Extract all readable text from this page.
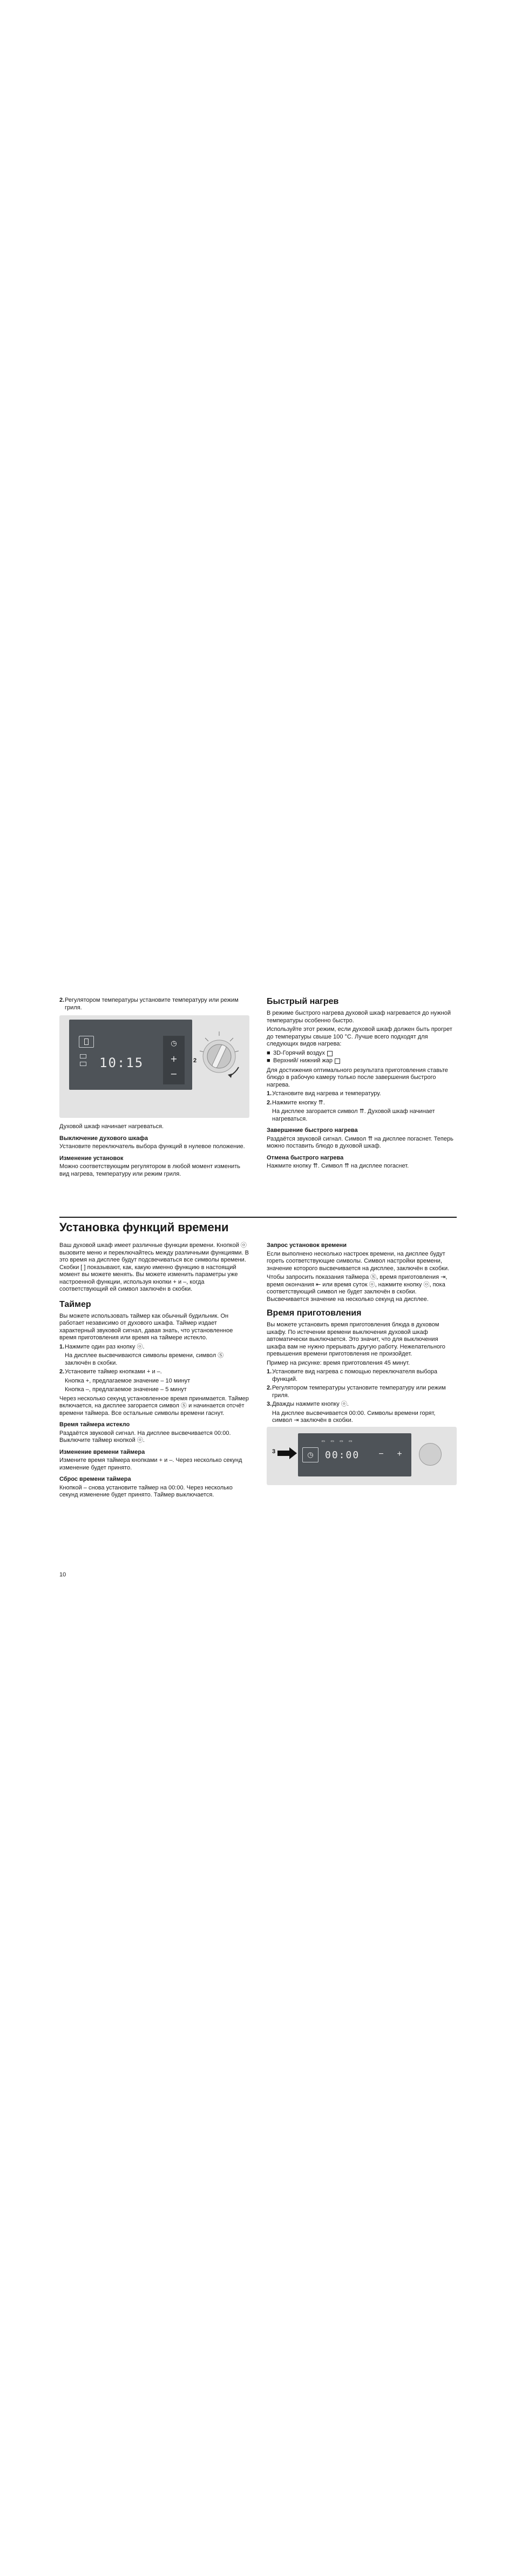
2. Регулятором температуры установите температуру или режим гриля.
10:15
◷
+
−
2

Духовой шкаф начинает нагреваться.

Выключение духового шкафа

Установите переключатель выбора функций в нулевое положение.

Изменение установок

Можно соответствующим регулятором в любой момент изменить вид нагрева, температуру или режим гриля.

Быстрый нагрев

В режиме быстрого нагрева духовой шкаф нагревается до нужной температуры особенно быстро.

Используйте этот режим, если духовой шкаф должен быть прогрет до температуры свыше 100 °C. Лучше всего подходят для следующих видов нагрева:

■ 3D-Горячий воздух
■ Верхний/ нижний жар

Для достижения оптимального результата приготовления ставьте блюдо в рабочую камеру только после завершения быстрого нагрева.

1. Установите вид нагрева и температуру.
2. Нажмите кнопку ⇈.

На дисплее загорается символ ⇈. Духовой шкаф начинает нагреваться.

Завершение быстрого нагрева

Раздаётся звуковой сигнал. Символ ⇈ на дисплее погаснет. Теперь можно поставить блюдо в духовой шкаф.

Отмена быстрого нагрева

Нажмите кнопку ⇈. Символ ⇈ на дисплее погаснет.

Установка функций времени

Ваш духовой шкаф имеет различные функции времени. Кнопкой ⓞ вызовите меню и переключайтесь между различными функциями. В это время на дисплее будут подсвечиваться все символы времени. Скобки [ ] показывают, как, какую именно функцию в настоящий момент вы можете менять. Вы можете изменить параметры уже настроенной функции, используя кнопки + и –, когда соответствующий ей символ заключён в скобки.

Таймер

Вы можете использовать таймер как обычный будильник. Он работает независимо от духового шкафа. Таймер издает характерный звуковой сигнал, давая знать, что установленное время приготовления или время на таймере истекло.

1. Нажмите один раз кнопку ⓞ.

На дисплее высвечиваются символы времени, символ Ⓢ заключён в скобки.

2. Установите таймер кнопками + и –.

Кнопка +, предлагаемое значение – 10 минут

Кнопка –, предлагаемое значение – 5 минут

Через несколько секунд установленное время принимается. Таймер включается, на дисплее загорается символ Ⓢ и начинается отсчёт времени таймера. Все остальные символы времени гаснут.

Время таймера истекло

Раздаётся звуковой сигнал. На дисплее высвечивается 00:00. Выключите таймер кнопкой ⓞ.

Изменение времени таймера

Измените время таймера кнопками + и –. Через несколько секунд изменение будет принято.

Сброс времени таймера

Кнопкой – снова установите таймер на 00:00. Через несколько секунд изменение будет принято. Таймер выключается.

Запрос установок времени

Если выполнено несколько настроек времени, на дисплее будут гореть соответствующие символы. Символ настройки времени, значение которого высвечивается на дисплее, заключён в скобки.

Чтобы запросить показания таймера Ⓢ, время приготовления ⇥, время окончания ⇤ или время суток ⓞ, нажмите кнопку ⓞ, пока соответствующий символ не будет заключён в скобки. Высвечивается значение на несколько секунд на дисплее.

Время приготовления

Вы можете установить время приготовления блюда в духовом шкафу. По истечении времени выключения духовой шкаф автоматически выключается. Это значит, что для выключения шкафа вам не нужно прерывать другую работу. Нежелательного превышения времени приготовления не произойдет.

Пример на рисунке: время приготовления 45 минут.

1. Установите вид нагрева с помощью переключателя выбора функций.
2. Регулятором температуры установите температуру или режим гриля.
3. Дважды нажмите кнопку ⓞ.

На дисплее высвечивается 00:00. Символы времени горят, символ ⇥ заключён в скобки.

3	◷
▭ ▭ ▭ ▭
00:00	−	+
10
